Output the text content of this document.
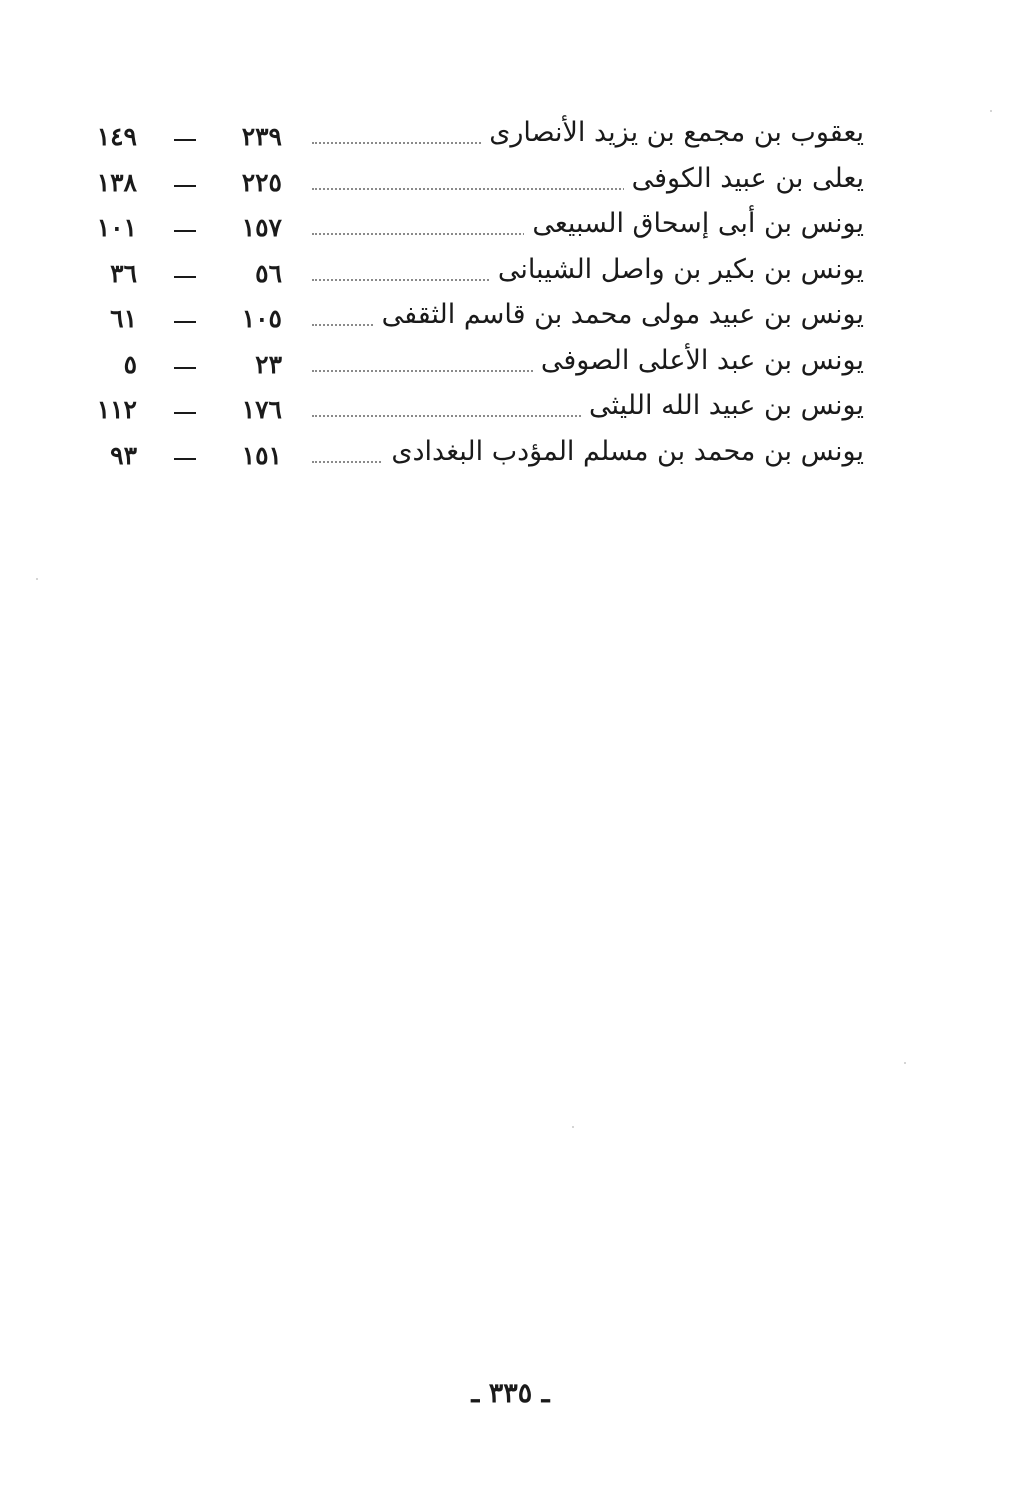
يعقوب بن مجمع بن يزيد الأنصارى
٢٣٩
١٤٩
يعلى بن عبيد الكوفى
٢٢٥
١٣٨
يونس بن أبى إسحاق السبيعى
١٥٧
١٠١
يونس بن بكير بن واصل الشيبانى
٥٦
٣٦
يونس بن عبيد مولى محمد بن قاسم الثقفى
١٠٥
٦١
يونس بن عبد الأعلى الصوفى
٢٣
٥
يونس بن عبيد الله الليثى
١٧٦
١١٢
يونس بن محمد بن مسلم المؤدب البغدادى
١٥١
٩٣
ـ ٣٣٥ ـ
